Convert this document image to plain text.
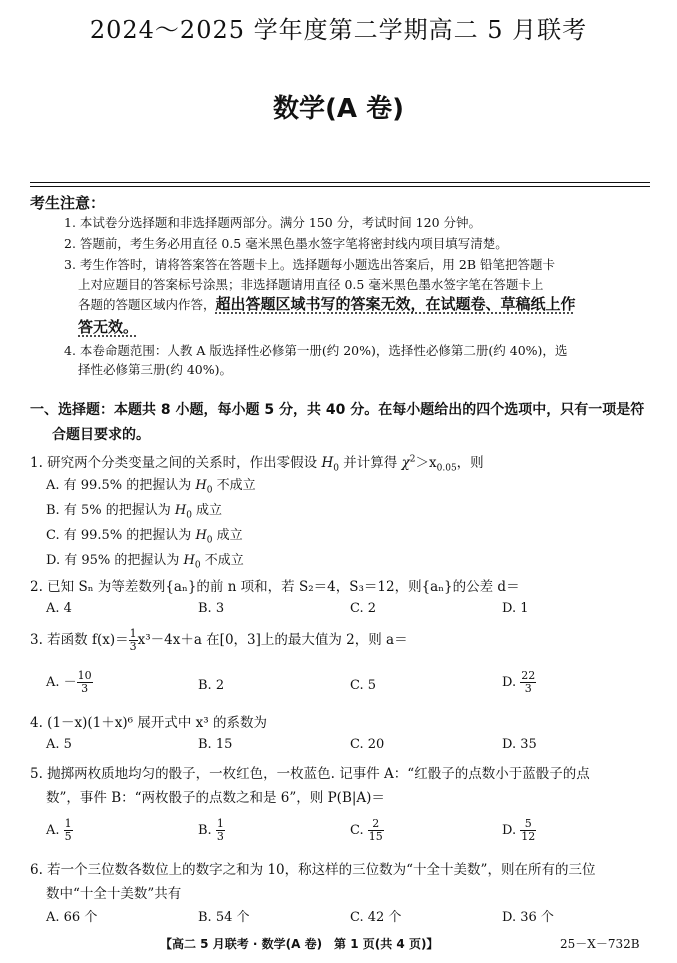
2024～2025 学年度第二学期高二 5 月联考
数学(A 卷)
考生注意：
1. 本试卷分选择题和非选择题两部分。满分 150 分，考试时间 120 分钟。
2. 答题前，考生务必用直径 0.5 毫米黑色墨水签字笔将密封线内项目填写清楚。
3. 考生作答时，请将答案答在答题卡上。选择题每小题选出答案后，用 2B 铅笔把答题卡
上对应题目的答案标号涂黑；非选择题请用直径 0.5 毫米黑色墨水签字笔在答题卡上
各题的答题区域内作答，超出答题区域书写的答案无效，在试题卷、草稿纸上作
答无效。
4. 本卷命题范围：人教 A 版选择性必修第一册(约 20%)，选择性必修第二册(约 40%)，选
择性必修第三册(约 40%)。
一、选择题：本题共 8 小题，每小题 5 分，共 40 分。在每小题给出的四个选项中，只有一项是符
合题目要求的。
1. 研究两个分类变量之间的关系时，作出零假设 $H_0$ 并计算得 $\chi^2>x_{0.05}$，则
A. 有 99.5% 的把握认为 $H_0$ 不成立
B. 有 5% 的把握认为 $H_0$ 成立
C. 有 99.5% 的把握认为 $H_0$ 成立
D. 有 95% 的把握认为 $H_0$ 不成立
2. 已知 Sₙ 为等差数列{aₙ}的前 n 项和，若 S₂＝4，S₃＝12，则{aₙ}的公差 d＝
A. 4	B. 3	C. 2	D. 1
3. 若函数 $f(x)= \frac{1}{3} x^3-4x+a$ 在[0，3]上的最大值为 2，则 a＝
A. － $\frac{10}{3}$	B. 2	C. 5	D. $\frac{22}{3}$
4. (1－x)(1＋x)⁶ 展开式中 x³ 的系数为
A. 5	B. 15	C. 20	D. 35
5. 抛掷两枚质地均匀的骰子，一枚红色，一枚蓝色. 记事件 A：“红骰子的点数小于蓝骰子的点
数”，事件 B：“两枚骰子的点数之和是 6”，则 P(B|A)＝
A. $\frac{1}{5}$	B. $\frac{1}{3}$	C. $\frac{2}{15}$	D. $\frac{5}{12}$
6. 若一个三位数各数位上的数字之和为 10，称这样的三位数为“十全十美数”，则在所有的三位
数中“十全十美数”共有
A. 66 个	B. 54 个	C. 42 个	D. 36 个
【高二 5 月联考 · 数学(A 卷)　第 1 页(共 4 页)】	25－X－732B
